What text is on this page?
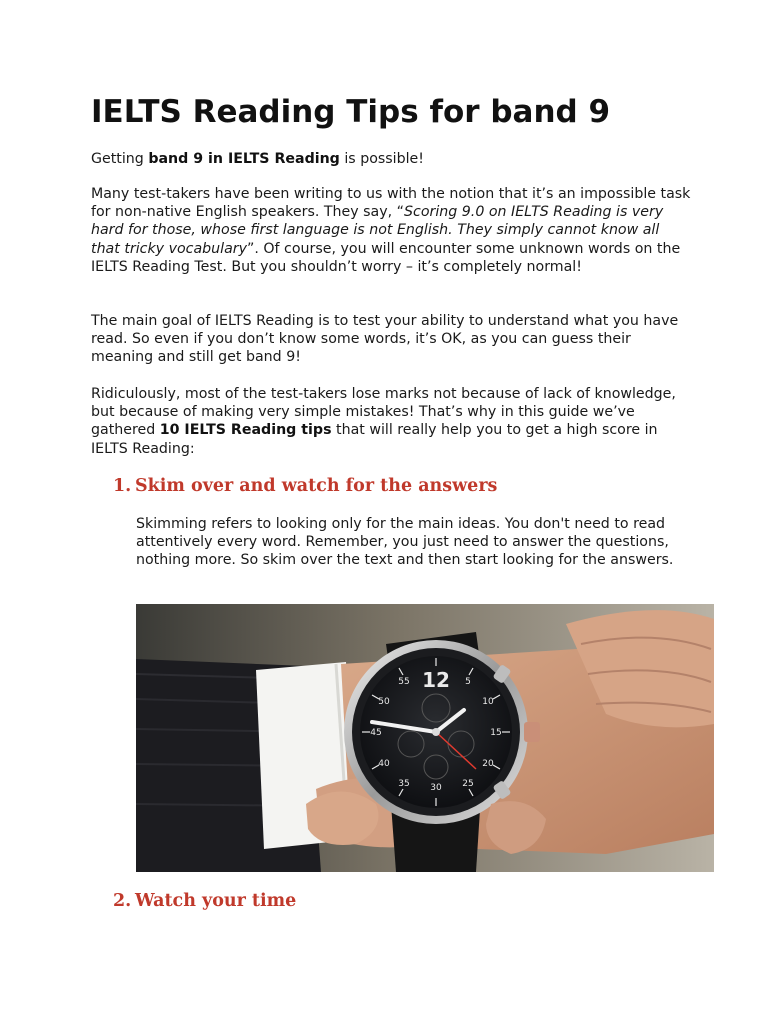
IELTS Reading Tips for band 9

Getting band 9 in IELTS Reading is possible!

Many test-takers have been writing to us with the notion that it’s an impossible task for non-native English speakers. They say, “Scoring 9.0 on IELTS Reading is very hard for those, whose first language is not English. They simply cannot know all that tricky vocabulary”. Of course, you will encounter some unknown words on the IELTS Reading Test. But you shouldn’t worry – it’s completely normal!

The main goal of IELTS Reading is to test your ability to understand what you have read. So even if you don’t know some words, it’s OK, as you can guess their meaning and still get band 9!

Ridiculously, most of the test-takers lose marks not because of lack of knowledge, but because of making very simple mistakes! That’s why in this guide we’ve gathered 10 IELTS Reading tips that will really help you to get a high score in IELTS Reading:

1. Skim over and watch for the answers

Skimming refers to looking only for the main ideas. You don't need to read attentively every word. Remember, you just need to answer the questions, nothing more. So skim over the text and then start looking for the answers.

55 12 5
50	10
45	15
40	20
35 30 25
2. Watch your time
